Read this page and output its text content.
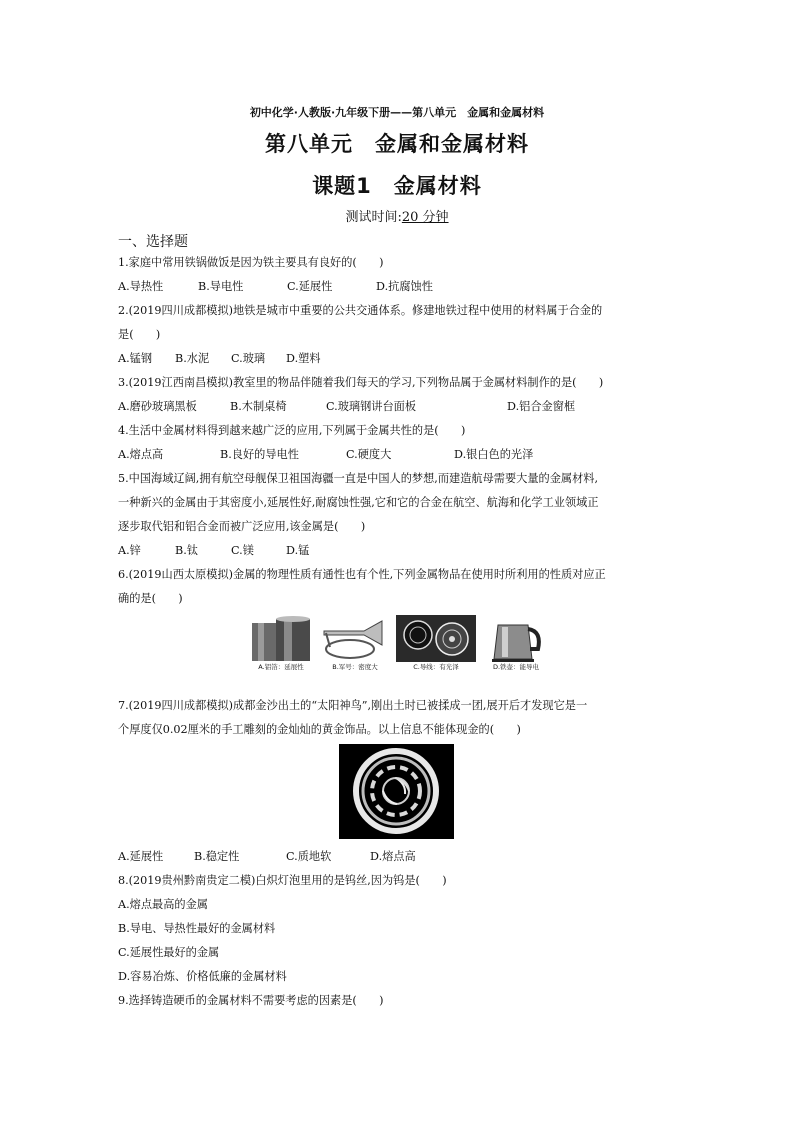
初中化学·人教版·九年级下册——第八单元　金属和金属材料
第八单元　金属和金属材料
课题1　金属材料
测试时间:20 分钟
一、选择题
1.家庭中常用铁锅做饭是因为铁主要具有良好的(　　)
A.导热性	B.导电性	C.延展性	D.抗腐蚀性
2.(2019四川成都模拟)地铁是城市中重要的公共交通体系。修建地铁过程中使用的材料属于合金的
是(　　)
A.锰钢 B.水泥 C.玻璃 D.塑料
3.(2019江西南昌模拟)教室里的物品伴随着我们每天的学习,下列物品属于金属材料制作的是(　　)
A.磨砂玻璃黑板	B.木制桌椅	C.玻璃钢讲台面板	D.铝合金窗框
4.生活中金属材料得到越来越广泛的应用,下列属于金属共性的是(　　)
A.熔点高	B.良好的导电性	C.硬度大	D.银白色的光泽
5.中国海域辽阔,拥有航空母舰保卫祖国海疆一直是中国人的梦想,而建造航母需要大量的金属材料,
一种新兴的金属由于其密度小,延展性好,耐腐蚀性强,它和它的合金在航空、航海和化学工业领域正
逐步取代铝和铝合金而被广泛应用,该金属是(　　)
A.锌	B.钛	C.镁	D.锰
6.(2019山西太原模拟)金属的物理性质有通性也有个性,下列金属物品在使用时所利用的性质对应正
确的是(　　)
A.铝箔：延展性	B.军号：密度大	C.导线：有光泽	D.铁壶：能导电
7.(2019四川成都模拟)成都金沙出土的“太阳神鸟”,刚出土时已被揉成一团,展开后才发现它是一
个厚度仅0.02厘米的手工雕刻的金灿灿的黄金饰品。以上信息不能体现金的(　　)
A.延展性	B.稳定性	C.质地软	D.熔点高
8.(2019贵州黔南贵定二模)白炽灯泡里用的是钨丝,因为钨是(　　)
A.熔点最高的金属
B.导电、导热性最好的金属材料
C.延展性最好的金属
D.容易冶炼、价格低廉的金属材料
9.选择铸造硬币的金属材料不需要考虑的因素是(　　)
